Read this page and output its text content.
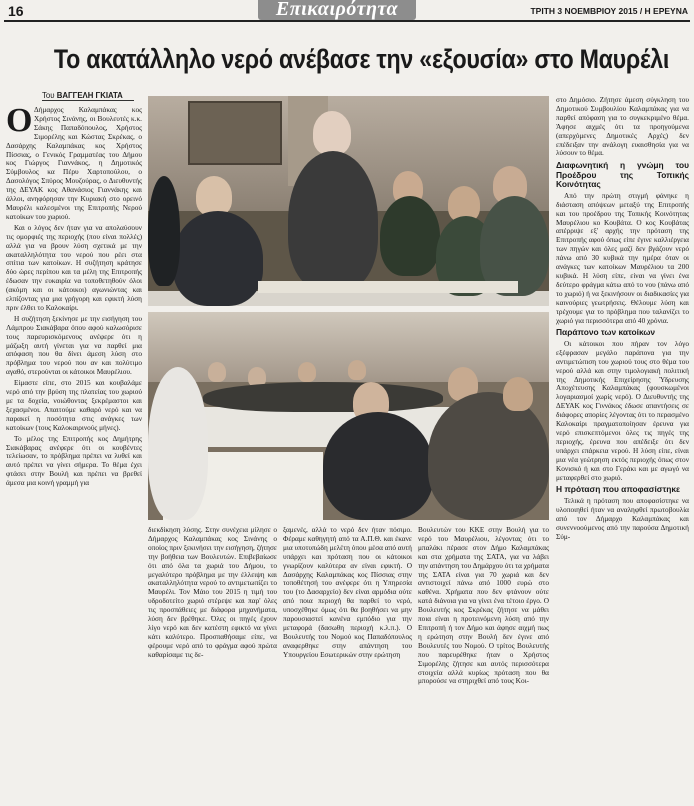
16	Επικαιρότητα	ΤΡΙΤΗ 3 ΝΟΕΜΒΡΙΟΥ 2015 / Η ΕΡΕΥΝΑ
Το ακατάλληλο νερό ανέβασε την «εξουσία» στο Μαυρέλι
Του ΒΑΓΓΕΛΗ ΓΚΙΑΤΑ
Ο Δήμαρχος Καλαμπάκας κος Χρήστος Σινάνης, οι Βουλευτές κ.κ. Σάκης Παπαδόπουλος, Χρήστος Σιμορέλης και Κώστας Σκρέκας, ο Δασάρχης Καλαμπάκας κος Χρήστος Πίσσιας, ο Γενικός Γραμματέας του Δήμου κος Γιώργος Γιαννάκος, η Δημοτικός Σύμβουλος κα Πέρυ Χαρτοπούλου, ο Δασολόγος Σπύρος Μουζούρας, ο Διευθυντής της ΔΕΥΑΚ κος Αθανάσιος Γιαννάκης και άλλοι, ανηφόρησαν την Κυριακή στο ορεινό Μαυρέλι καλεσμένοι της Επιτροπής Νερού κατοίκων του χωριού.

Και ο λόγος δεν ήταν για να απολαύσουν τις ομορφιές της περιοχής (που είναι πολλές) αλλά για να βρουν λύση σχετικά με την ακαταλληλότητα του νερού που ρέει στα σπίτια των κατοίκων. Η συζήτηση κράτησε δύο ώρες περίπου και τα μέλη της Επιτροπής έδωσαν την ευκαιρία να τοποθετηθούν όλοι (ακόμη και οι κάτοικοι) αγωνιώντας και ελπίζοντας για μια γρήγορη και εφικτή λύση πριν έλθει το Καλοκαίρι.

Η συζήτηση ξεκίνησε με την εισήγηση του Λάμπρου Σιακάβαρα όπου αφού καλωσόρισε τους παρευρισκόμενους ανέφερε ότι η μάζωξη αυτή γίνεται για να παρθεί μια απόφαση που θα δίνει άμεση λύση στο πρόβλημα του νερού που αν και πολύτιμο αγαθό, στερούνται οι κάτοικοι Μαυρέλιου.

Είμαστε είπε, στο 2015 και κουβαλάμε νερό από την βρύση της πλατείας του χωριού με τα δοχεία, νοιώθοντας ξεκρέμαστοι και ξεχασμένοι. Απαιτούμε καθαρό νερό και να παρακεί η ποσότητα στις ανάγκες των κατοίκων (τους Καλοκαιρινούς μήνες).

Το μέλος της Επιτροπής κος Δημήτρης Σιακάβαρας ανέφερε ότι οι κουβέντες τελείωσαν, το πρόβλημα πρέπει να λυθεί και αυτό πρέπει να γίνει σήμερα. Το θέμα έχει φτάσει στην Βουλή και πρέπει να βρεθεί άμεσα μια κοινή γραμμή για

διεκδίκηση λύσης. Στην συνέχεια μίλησε ο Δήμαρχος Καλαμπάκας κος Σινάνης ο οποίος πριν ξεκινήσει την εισήγηση, ζήτησε την βοήθεια των Βουλευτών. Επιβεβαίωσε ότι από όλα τα χωριά του Δήμου, το μεγαλύτερο πρόβλημα με την έλλειψη και ακαταλληλότητα νερού το αντιμετωπίζει το Μαυρέλι. Τον Μάιο του 2015 η τιμή του υδροδοτείτο χωριό στέρεψε και παρ' όλες τις προσπάθειες με διάφορα μηχανήματα, λύση δεν βρέθηκε. Όλες οι πηγές έχουν λίγο νερό και δεν κατέστη εφικτό να γίνει κάτι καλύτερο. Προσπαθήσαμε είπε, να φέρουμε νερό από το φράγμα αφού πρώτα καθαρίσαμε τις δε-

ξαμενές, αλλά το νερό δεν ήταν πόσιμο. Φέραμε καθηγητή από τα Α.Π.Θ. και έκανε μια υποτυπώδη μελέτη όπου μέσα από αυτή υπάρχει και πρόταση που οι κάτοικοι γνωρίζουν καλύτερα αν είναι εφικτή. Ο Δασάρχης Καλαμπάκας κος Πίσσιας στην τοποθέτησή του ανέφερε ότι η Υπηρεσία του (το Δασαρχείο) δεν είναι αρμόδια ούτε από ποια περιοχή θα παρθεί το νερό, υποσχέθηκε όμως ότι θα βοηθήσει να μην παρουσιαστεί κανένα εμπόδιο για την μεταφορά (δασωθη περιοχή κ.λ.π.). Ο Βουλευτής του Νομού κος Παπαδόπουλος αναφερθηκε στην απάντηση του Υπουργείου Εσωτερικών στην ερώτηση

Βουλευτών του ΚΚΕ στην Βουλή για το νερό του Μαυρέλιου, λέγοντας ότι το μπαλάκι πέρασε στον Δήμο Καλαμπάκας και στα χρήματα της ΣΑΤΑ, για να λάβει την απάντηση του Δημάρχου ότι τα χρήματα της ΣΑΤΑ είναι για 70 χωριά και δεν αντιστοιχεί πάνω από 1000 ευρώ στο καθένα. Χρήματα που δεν φτάνουν ούτε κατά διάνοια για να γίνει ένα τέτοιο έργο. Ο Βουλευτής κος Σκρέκας ζήτησε να μάθει ποια είναι η προτεινόμενη λύση από την Επιτροπή ή τον Δήμο και άφησε αιχμή πως η ερώτηση στην Βουλή δεν έγινε από Βουλευτές του Νομού. Ο τρίτος Βουλευτής που παρευρέθηκε ήταν ο Χρήστος Σιμορέλης ζήτησε και αυτός περισσότερα στοιχεία αλλά κυρίως πρόταση που θα μπορούσε να στηριχθεί από τους Κοι-

στο Δημόσιο. Ζήτησε άμεση σύγκληση του Δημοτικού Συμβουλίου Καλαμπάκας για να παρθεί απόφαση για το συγκεκριμένο θέμα. Άφησε αιχμές ότι τα προηγούμενα (απερχόμενες Δημοτικές Αρχές) δεν επέδειξαν την ανάλογη ευαισθησία για να λύσουν το θέμα.

Διαφωνητική η γνώμη του Προέδρου της Τοπικής Κοινότητας

Από την πρώτη στιγμή φάνηκε η διάσταση απόψεων μεταξύ της Επιτροπής και του προέδρου της Τοπικής Κοινότητας Μαυρέλιου κο Κουβάτα. Ο κος Κουβάτας απέρριψε εξ' αρχής την πρόταση της Επιτροπής αφού όπως είπε έγινε καλλιέργεια των πηγών και όλες μαζί δεν βγάζουν νερό πάνω από 30 κυβικά την ημέρα όταν οι ανάγκες των κατοίκων Μαυρέλιου τα 200 κυβικά. Η λύση είπε, είναι να γίνει ένα δεύτερο φράγμα κάτω από το νου (πάνω από το χωριό) ή να ξεκινήσουν οι διαδικασίες για καινούριες γεωτρήσεις. Θέλουμε λύση και τρέχουμε για το πρόβλημα που ταλανίζει το χωριό για περισσότερα από 40 χρόνια.

Παράπονο των κατοίκων

Οι κάτοικοι που πήραν τον λόγο εξέφρασαν μεγάλο παράπονα για την αντιμετώπιση του χωριού τους στο θέμα του νερού αλλά και στην τιμολογιακή πολιτική της Δημοτικής Επιχείρησης Ύδρευσης Αποχέτευσης Καλαμπάκας (φουσκωμένοι λογαριασμοί χωρίς νερό). Ο Διευθυντής της ΔΕΥΑΚ κος Γιννάκος έδωσε απαντήσεις σε διάφορες απορίες λέγοντας ότι το περασμένο Καλοκαίρι πραγματοποίησαν έρευνα για νερό επισκεπτόμενοι όλες τις πηγές της περιοχής, έρευνα που απέδειξε ότι δεν υπάρχει επάρκεια νερού. Η λύση είπε, είναι μια νέα γεώτρηση εκτός περιοχής όπως στον Κονισκό ή και στο Γεράκι και με αγωγό να μεταφερθεί στο χωριό.

Η πρόταση που αποφασίστηκε

Τελικά η πρόταση που αποφασίστηκε να υλοποιηθεί ήταν να αναληφθεί πρωτοβουλία από τον Δήμαρχο Καλαμπάκας και συνεννοούμενος από την παρούσα Δημοτική Σύμ-
